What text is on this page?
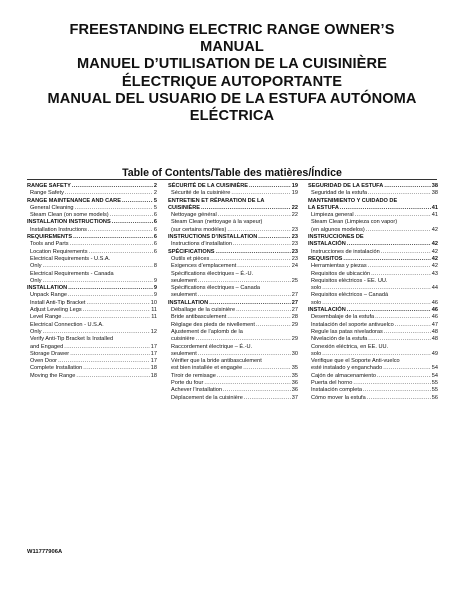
FREESTANDING ELECTRIC RANGE OWNER’S
MANUAL
MANUEL D’UTILISATION DE LA CUISINIÈRE
ÉLECTRIQUE AUTOPORTANTE
MANUAL DEL USUARIO DE LA ESTUFA AUTÓNOMA
ELÉCTRICA
Table of Contents/Table des matières/Índice
RANGE SAFETY . . .	2
Range Safety . . .	2
RANGE MAINTENANCE AND CARE . . .	5
General Cleaning . . .	5
Steam Clean (on some models) . . .	6
INSTALLATION INSTRUCTIONS . . .	6
Installation Instructions . . .	6
REQUIREMENTS . . .	6
Tools and Parts . . .	6
Location Requirements . . .	6
Electrical Requirements - U.S.A.
Only . . .	8
Electrical Requirements - Canada
Only . . .	9
INSTALLATION . . .	9
Unpack Range . . .	9
Install Anti-Tip Bracket . . .	10
Adjust Leveling Legs . . .	11
Level Range . . .	11
Electrical Connection - U.S.A.
Only . . .	12
Verify Anti-Tip Bracket Is Installed
and Engaged . . .	17
Storage Drawer . . .	17
Oven Door . . .	17
Complete Installation . . .	18
Moving the Range . . .	18
SÉCURITÉ DE LA CUISINIÈRE . . .	19
Sécurité de la cuisinière . . .	19
ENTRETIEN ET RÉPARATION DE LA
CUISINIÈRE . . .	22
Nettoyage général . . .	22
Steam Clean (nettoyage à la vapeur)
(sur certains modèles) . . .	23
INSTRUCTIONS D’INSTALLATION . . .	23
Instructions d’installation . . .	23
SPÉCIFICATIONS . . .	23
Outils et pièces . . .	23
Exigences d’emplacement . . .	24
Spécifications électriques – É.-U.
seulement . . .	25
Spécifications électriques – Canada
seulement . . .	27
INSTALLATION . . .	27
Déballage de la cuisinière . . .	27
Bride antibasculement . . .	28
Réglage des pieds de nivellement . . .	29
Ajustement de l’aplomb de la
cuisinière . . .	29
Raccordement électrique – É.-U.
seulement . . .	30
Vérifier que la bride antibasculement
est bien installée et engagée . . .	35
Tiroir de remisage . . .	35
Porte du four . . .	36
Achever l’installation . . .	36
Déplacement de la cuisinière . . .	37
SEGURIDAD DE LA ESTUFA . . .	38
Seguridad de la estufa . . .	38
MANTENIMIENTO Y CUIDADO DE
LA ESTUFA . . .	41
Limpieza general . . .	41
Steam Clean (Limpieza con vapor)
(en algunos modelos) . . .	42
INSTRUCCIONES DE
INSTALACIÓN . . .	42
Instrucciones de instalación . . .	42
REQUISITOS . . .	42
Herramientas y piezas . . .	42
Requisitos de ubicación . . .	43
Requisitos eléctricos - EE. UU.
solo . . .	44
Requisitos eléctricos – Canadá
solo . . .	46
INSTALACIÓN . . .	46
Desembalaje de la estufa . . .	46
Instalación del soporte antivuelco . . .	47
Regule las patas niveladoras . . .	48
Nivelación de la estufa . . .	48
Conexión eléctrica, en EE. UU.
solo . . .	49
Verifique que el Soporte Anti-vuelco
esté instalado y enganchado . . .	54
Cajón de almacenamiento . . .	54
Puerta del horno . . .	55
Instalación completa . . .	55
Cómo mover la estufa . . .	56
W11777906A
